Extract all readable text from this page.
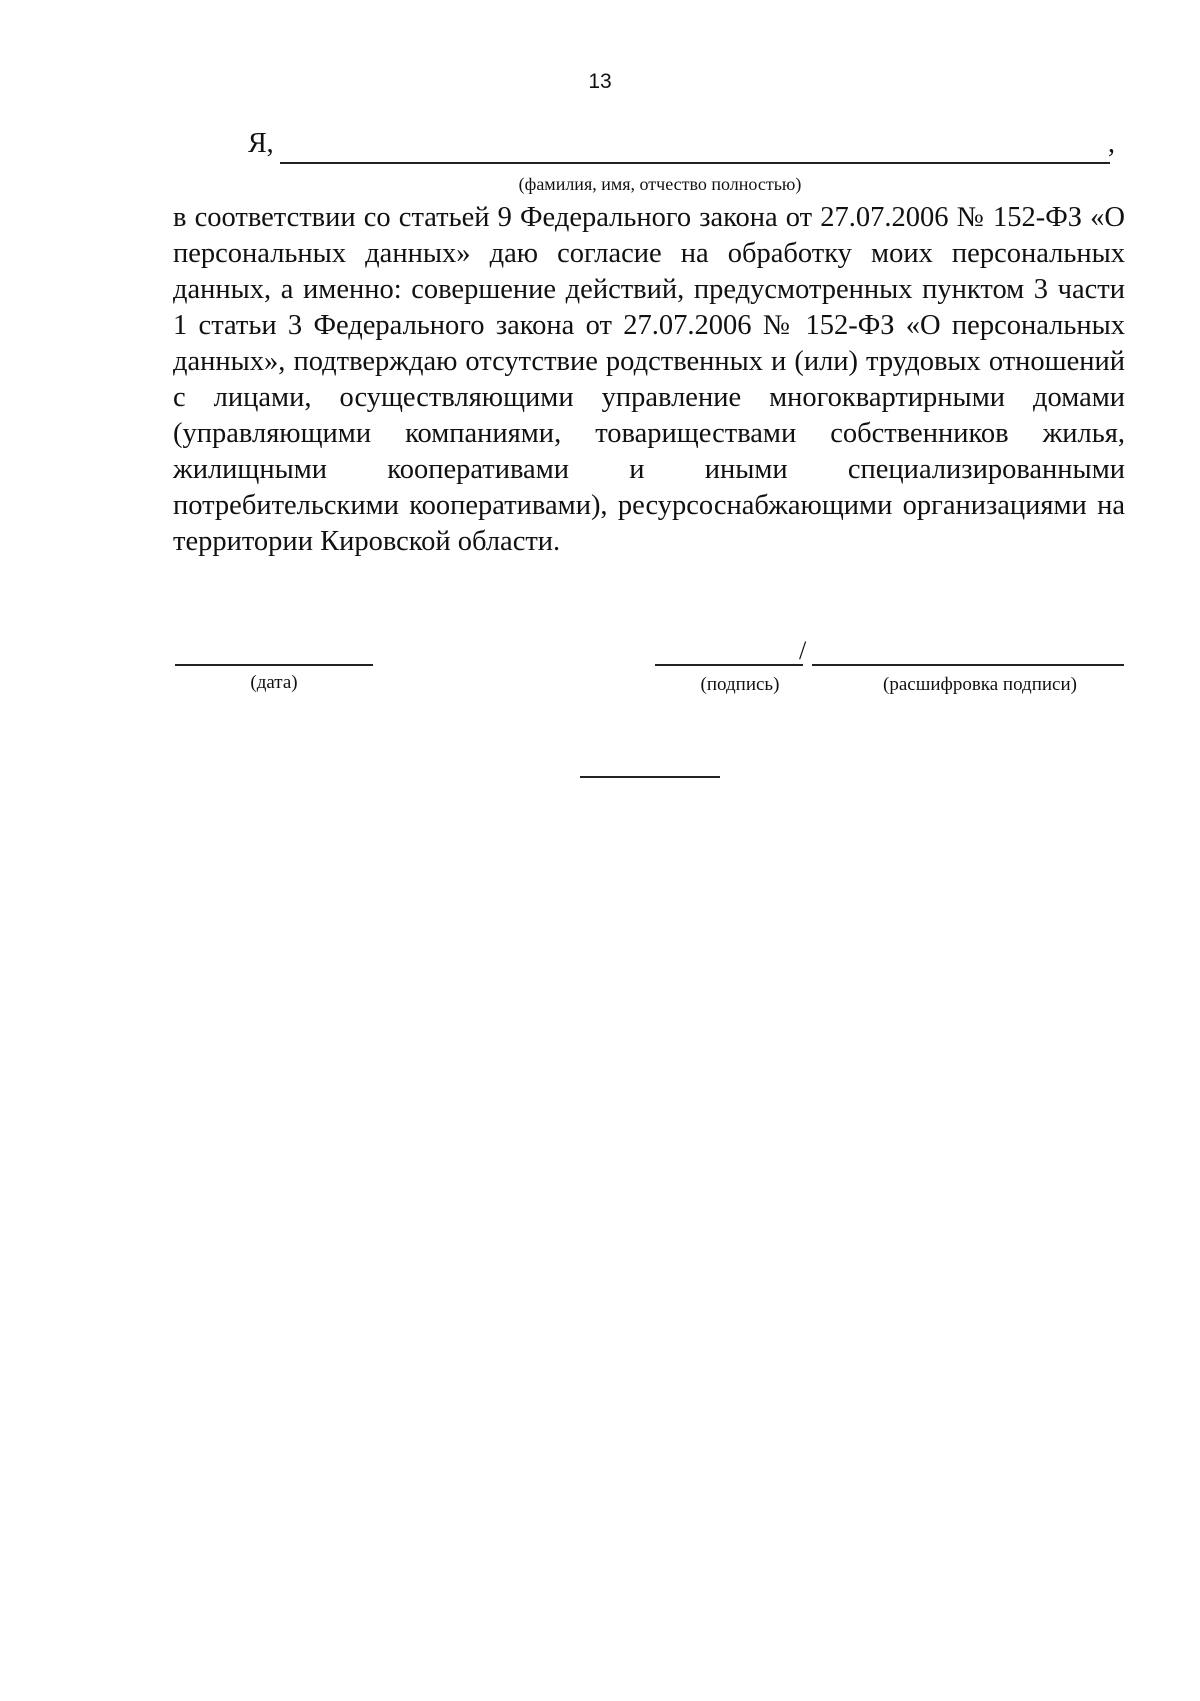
13
Я,	,
(фамилия, имя, отчество полностью)

в соответствии со статьей 9 Федерального закона от 27.07.2006 № 152-ФЗ «О персональных данных» даю согласие на обработку моих персональных данных, а именно: совершение действий, предусмотренных пунктом 3 части 1 статьи 3 Федерального закона от 27.07.2006 № 152-ФЗ «О персональных данных», подтверждаю отсутствие родственных и (или) трудовых отношений с лицами, осуществляющими управление многоквартирными домами (управляющими компаниями, товариществами собственников жилья, жилищными кооперативами и иными специализированными потребительскими кооперативами), ресурсоснабжающими организациями на территории Кировской области.

(дата)
/
(подпись)	(расшифровка подписи)
